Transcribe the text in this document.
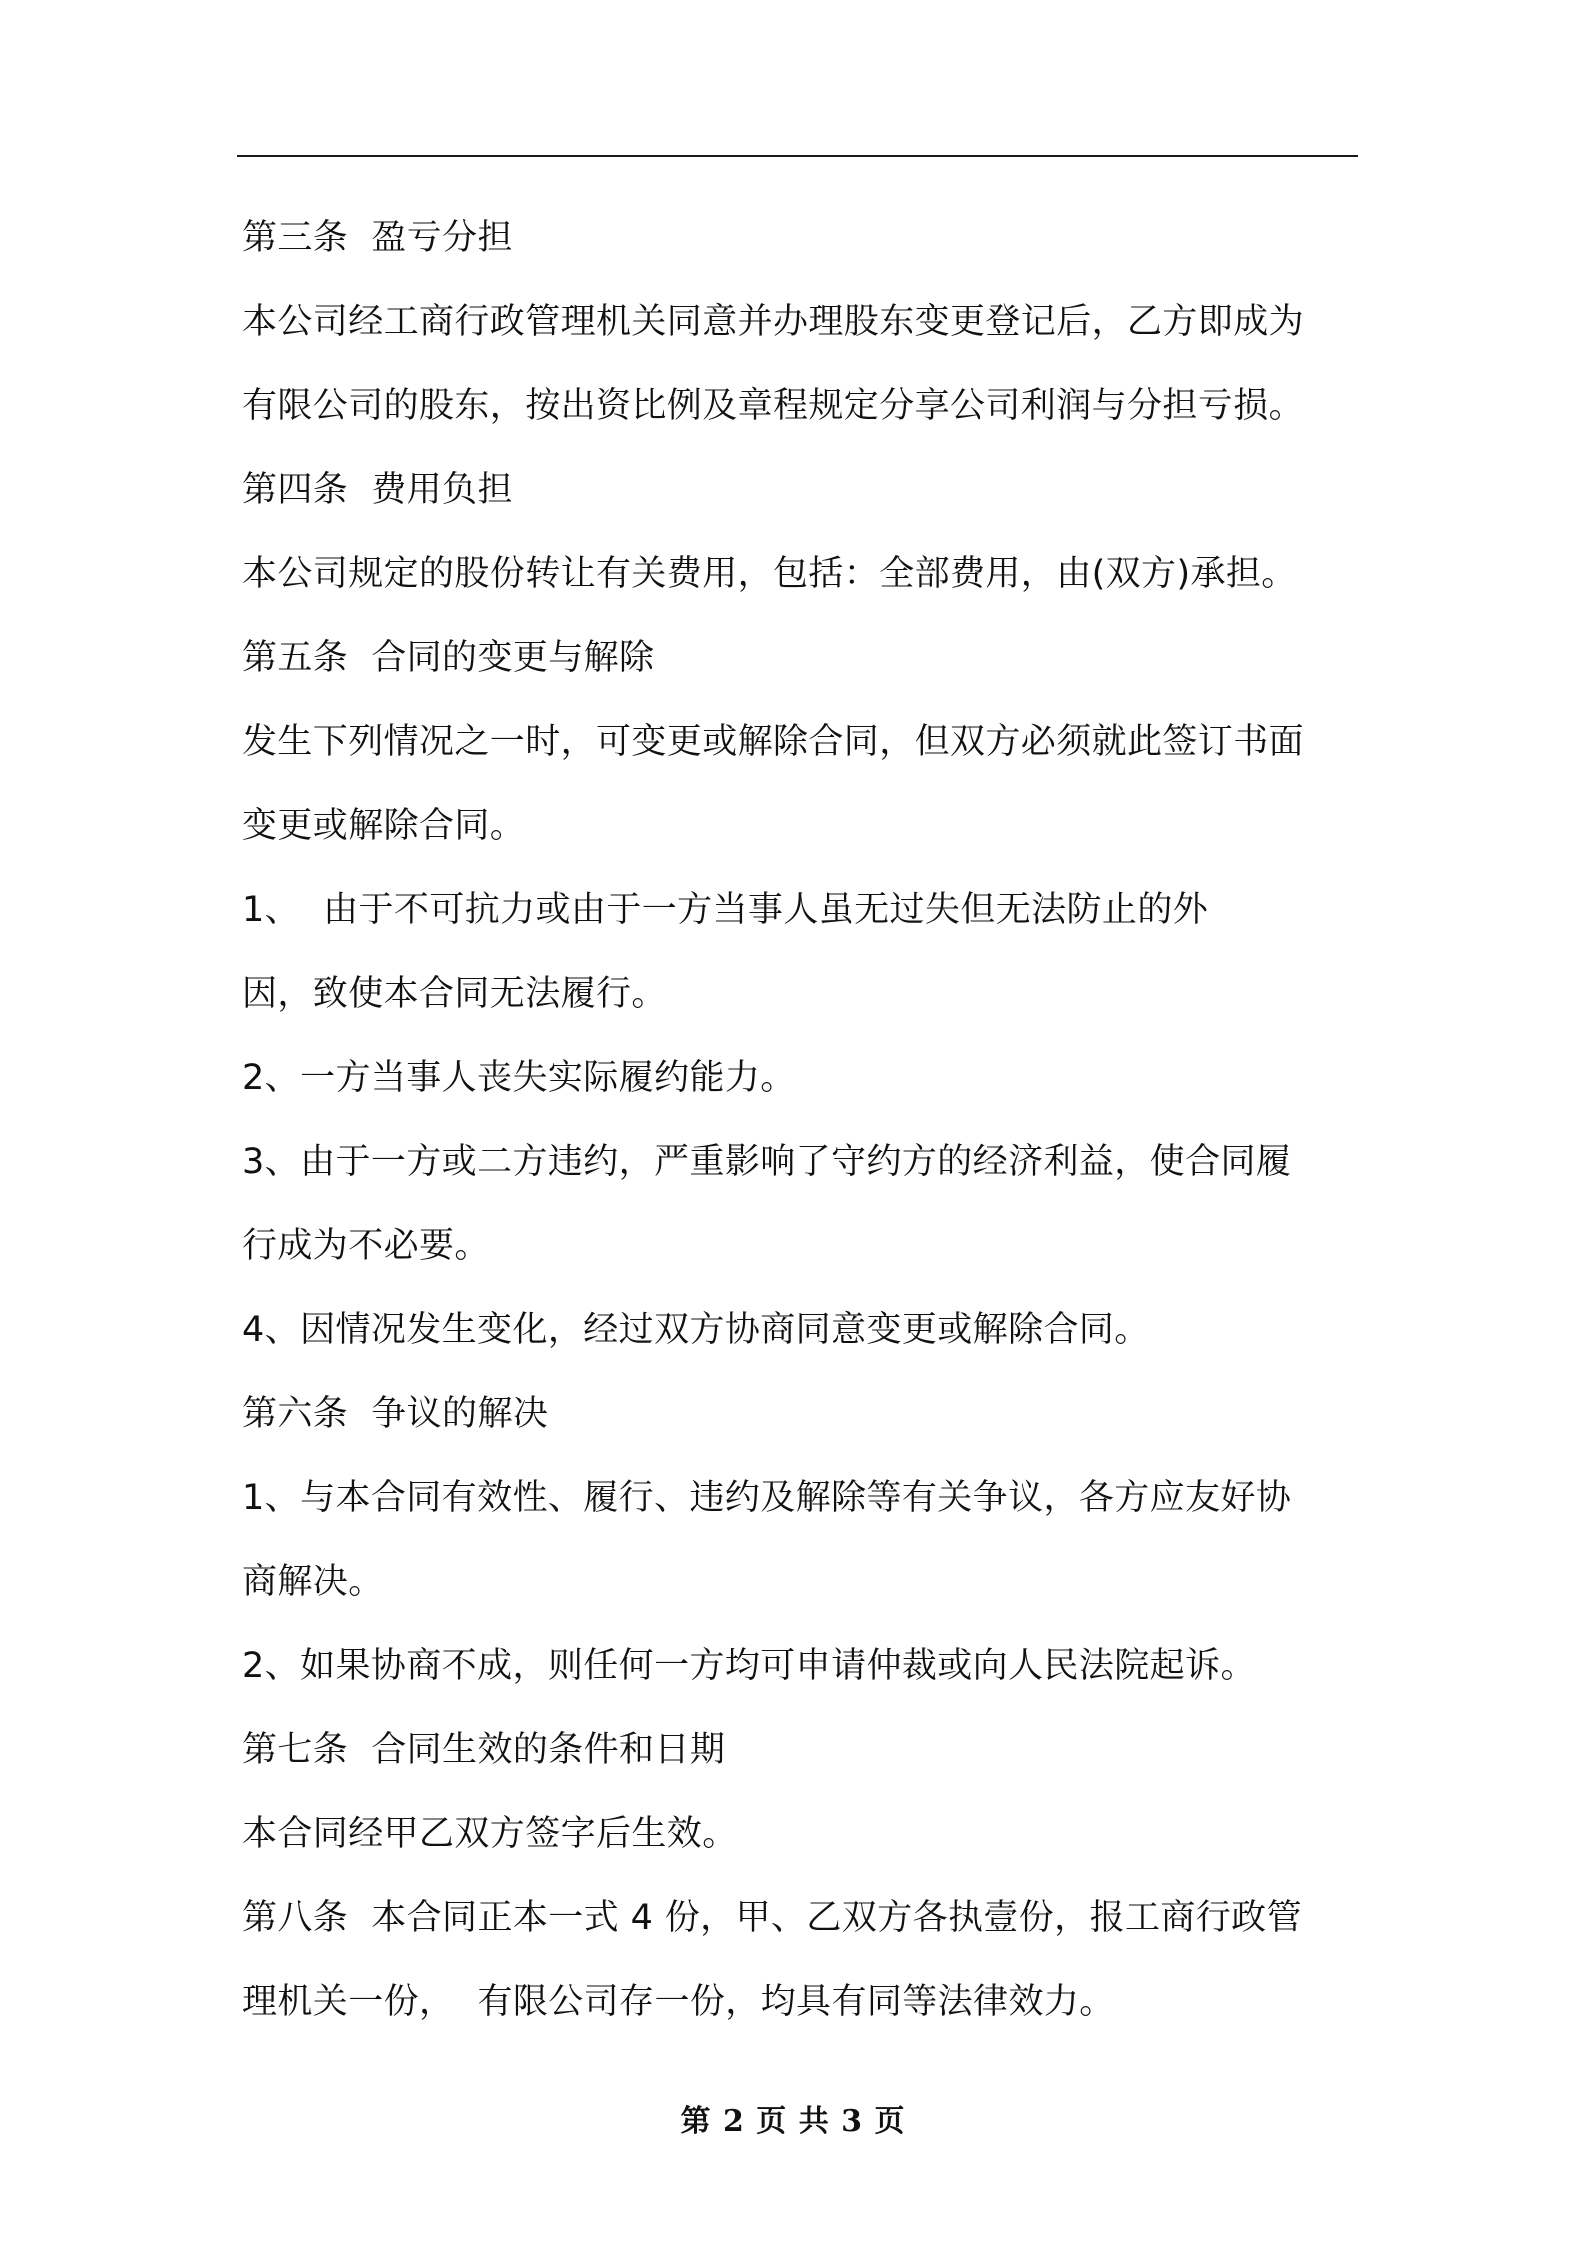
第三条  盈亏分担
本公司经工商行政管理机关同意并办理股东变更登记后，乙方即成为
有限公司的股东，按出资比例及章程规定分享公司利润与分担亏损。
第四条  费用负担
本公司规定的股份转让有关费用，包括：全部费用，由(双方)承担。
第五条  合同的变更与解除
发生下列情况之一时，可变更或解除合同，但双方必须就此签订书面
变更或解除合同。
1、  由于不可抗力或由于一方当事人虽无过失但无法防止的外
因，致使本合同无法履行。
2、一方当事人丧失实际履约能力。
3、由于一方或二方违约，严重影响了守约方的经济利益，使合同履
行成为不必要。
4、因情况发生变化，经过双方协商同意变更或解除合同。
第六条  争议的解决
1、与本合同有效性、履行、违约及解除等有关争议，各方应友好协
商解决。
2、如果协商不成，则任何一方均可申请仲裁或向人民法院起诉。
第七条  合同生效的条件和日期
本合同经甲乙双方签字后生效。
第八条  本合同正本一式 4 份，甲、乙双方各执壹份，报工商行政管
理机关一份，  有限公司存一份，均具有同等法律效力。
第 2 页 共 3 页
